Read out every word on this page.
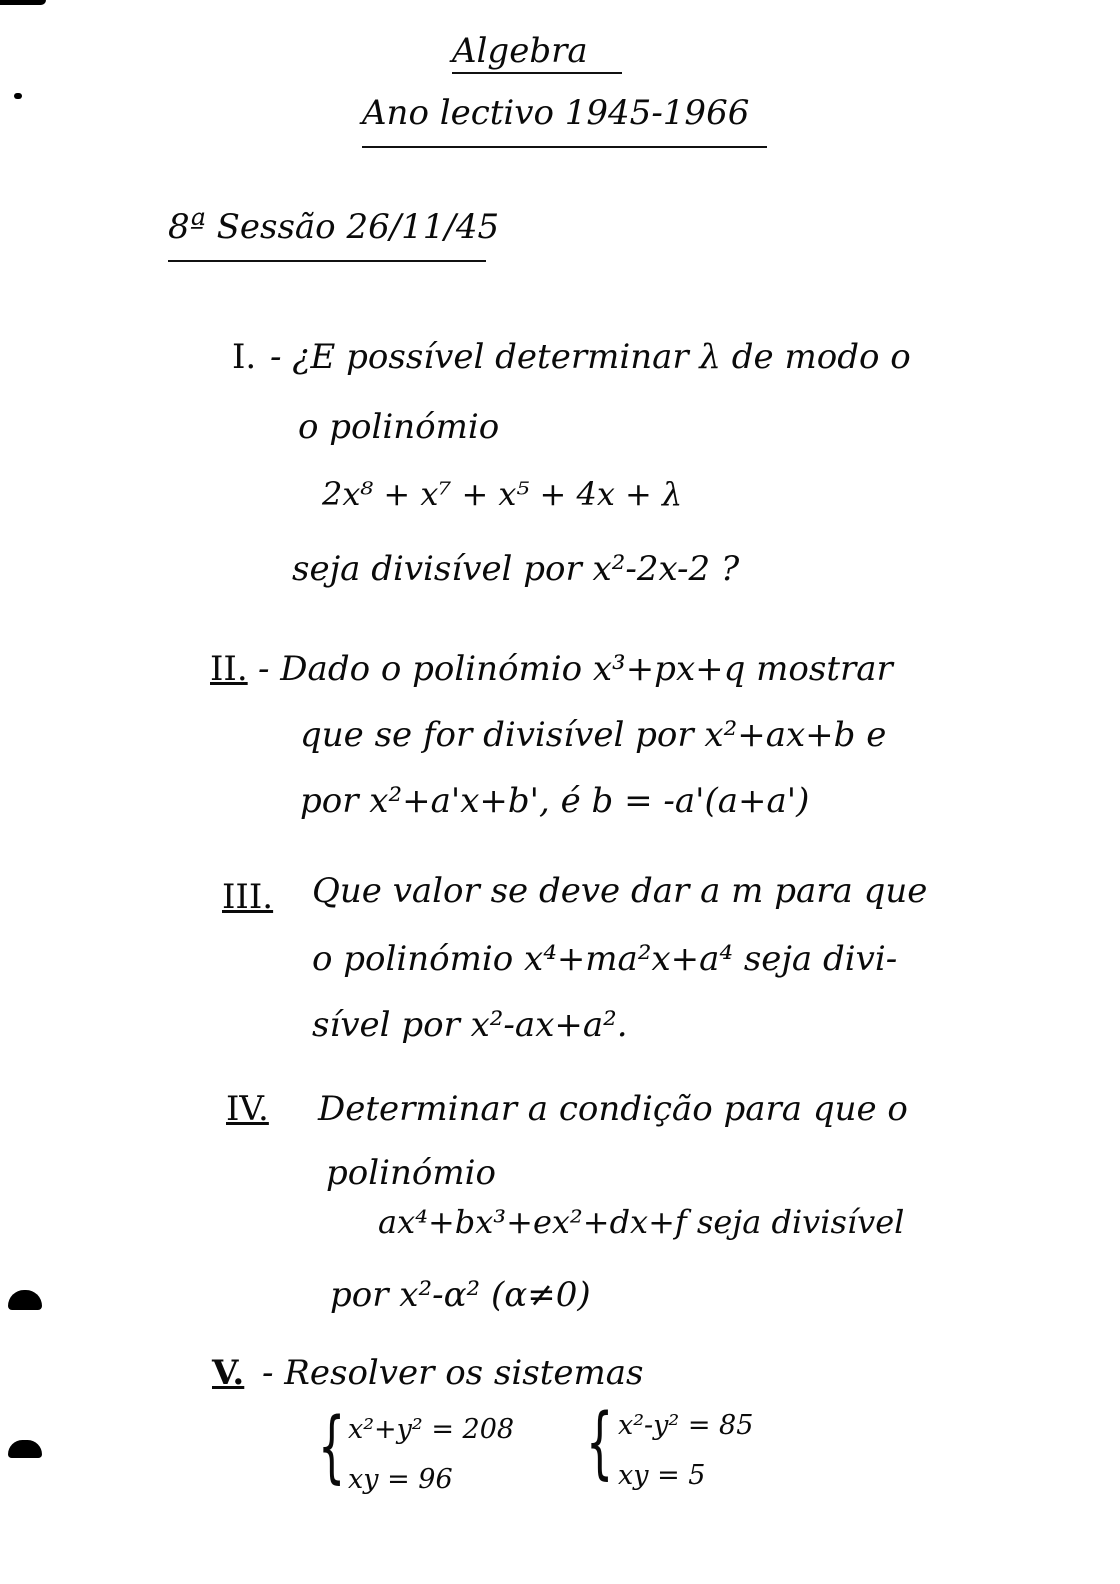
Algebra
Ano lectivo 1945-1966
8ª Sessão 26/11/45
I. - ¿E possível determinar λ de modo o
o polinómio
2x⁸ + x⁷ + x⁵ + 4x + λ
seja divisível por x²-2x-2 ?
II. - Dado o polinómio x³+px+q mostrar
que se for divisível por x²+ax+b e
por x²+a'x+b', é b = -a'(a+a')
III. Que valor se deve dar a m para que
o polinómio x⁴+ma²x+a⁴ seja divi-
sível por x²-ax+a².
IV. Determinar a condição para que o
polinómio
ax⁴+bx³+ex²+dx+f seja divisível
por x²-α² (α≠0)
V. - Resolver os sistemas
{ x²+y² = 208
xy = 96 { x²-y² = 85
xy = 5
